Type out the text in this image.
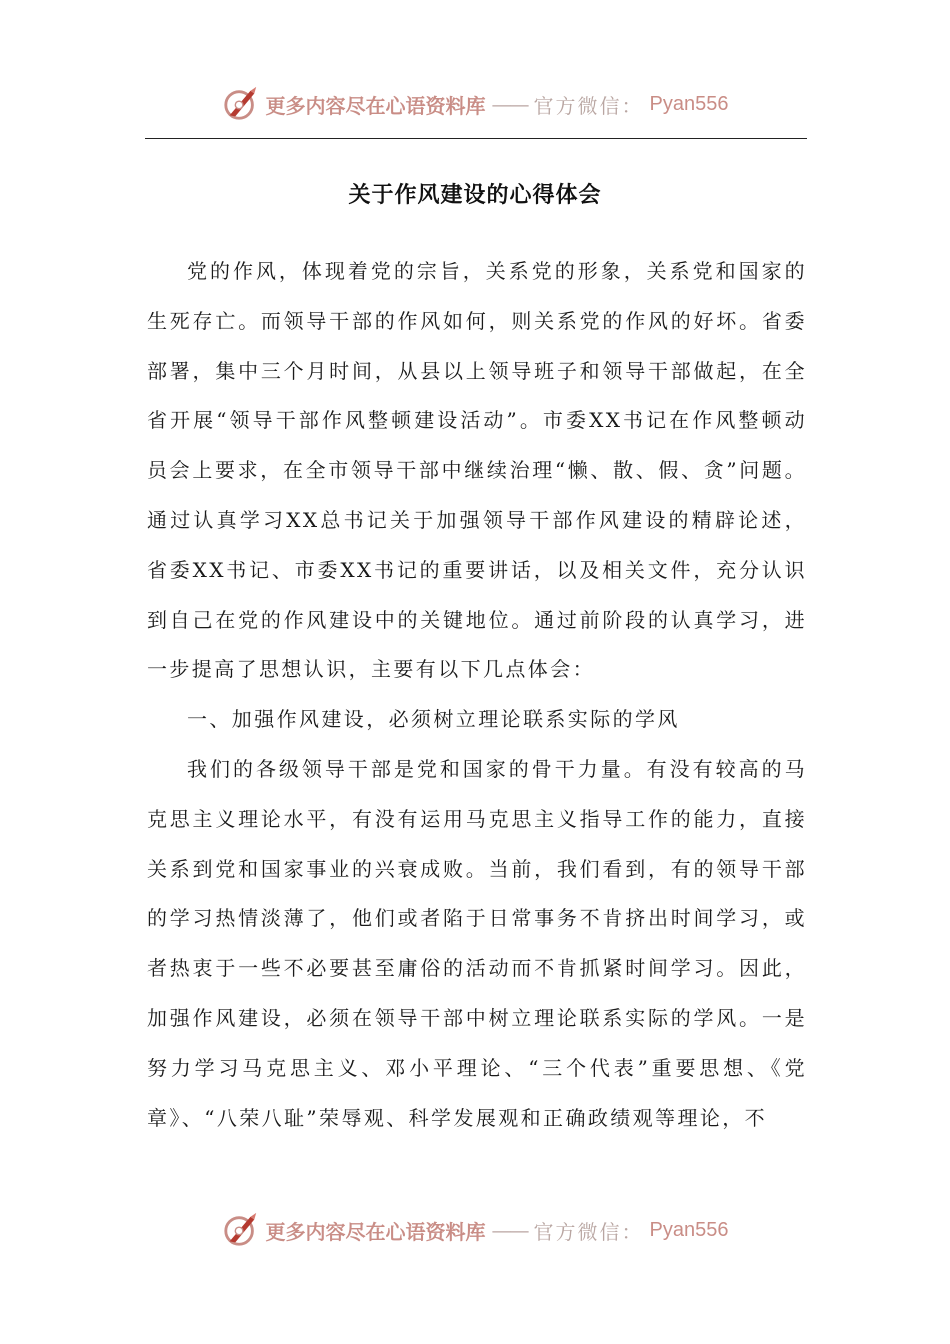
更多内容尽在心语资料库 —— 官方微信： Pyan556
关于作风建设的心得体会

党的作风，体现着党的宗旨，关系党的形象，关系党和国家的生死存亡。而领导干部的作风如何，则关系党的作风的好坏。省委部署，集中三个月时间，从县以上领导班子和领导干部做起，在全省开展“领导干部作风整顿建设活动”。市委XX书记在作风整顿动员会上要求，在全市领导干部中继续治理“懒、散、假、贪”问题。通过认真学习XX总书记关于加强领导干部作风建设的精辟论述，省委XX书记、市委XX书记的重要讲话，以及相关文件，充分认识到自己在党的作风建设中的关键地位。通过前阶段的认真学习，进一步提高了思想认识，主要有以下几点体会：

一、加强作风建设，必须树立理论联系实际的学风

我们的各级领导干部是党和国家的骨干力量。有没有较高的马克思主义理论水平，有没有运用马克思主义指导工作的能力，直接关系到党和国家事业的兴衰成败。当前，我们看到，有的领导干部的学习热情淡薄了，他们或者陷于日常事务不肯挤出时间学习，或者热衷于一些不必要甚至庸俗的活动而不肯抓紧时间学习。因此，加强作风建设，必须在领导干部中树立理论联系实际的学风。一是努力学习马克思主义、邓小平理论、“三个代表”重要思想、《党章》、“八荣八耻”荣辱观、科学发展观和正确政绩观等理论，不

更多内容尽在心语资料库 —— 官方微信： Pyan556
